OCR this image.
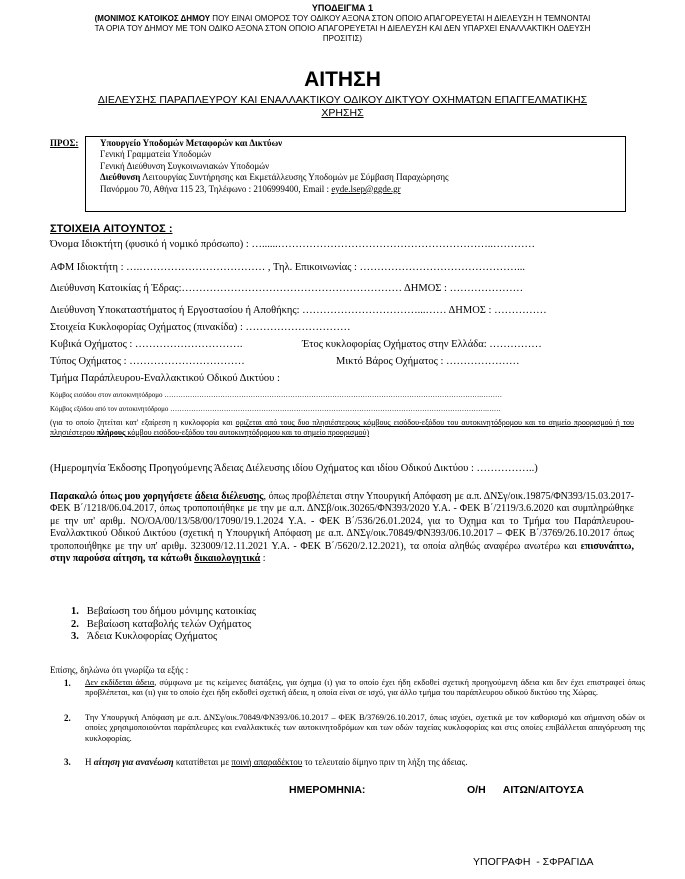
ΥΠΟΔΕΙΓΜΑ 1
(ΜΟΝΙΜΟΣ ΚΑΤΟΙΚΟΣ ΔΗΜΟΥ ΠΟΥ ΕΙΝΑΙ ΟΜΟΡΟΣ ΤΟΥ ΟΔΙΚΟΥ ΑΞΟΝΑ ΣΤΟΝ ΟΠΟΙΟ ΑΠΑΓΟΡΕΥΕΤΑΙ Η ΔΙΕΛΕΥΣΗ Η ΤΕΜΝΟΝΤΑΙ
ΤΑ ΟΡΙΑ ΤΟΥ ΔΗΜΟΥ ΜΕ ΤΟΝ ΟΔΙΚΟ ΑΞΟΝΑ ΣΤΟΝ ΟΠΟΙΟ ΑΠΑΓΟΡΕΥΕΤΑΙ Η ΔΙΕΛΕΥΣΗ ΚΑΙ ΔΕΝ ΥΠΑΡΧΕΙ ΕΝΑΛΛΑΚΤΙΚΗ ΟΔΕΥΣΗ
ΠΡΟΣΙΤΙΣ)
ΑΙΤΗΣΗ
ΔΙΕΛΕΥΣΗΣ ΠΑΡΑΠΛΕΥΡΟΥ ΚΑΙ ΕΝΑΛΛΑΚΤΙΚΟΥ ΟΔΙΚΟΥ ΔΙΚΤΥΟΥ ΟΧΗΜΑΤΩΝ ΕΠΑΓΓΕΛΜΑΤΙΚΗΣ
ΧΡΗΣΗΣ
ΠΡΟΣ: Υπουργείο Υποδομών Μεταφορών και Δικτύων
Γενική Γραμματεία Υποδομών
Γενική Διεύθυνση Συγκοινωνιακών Υποδομών
Διεύθυνση Λειτουργίας Συντήρησης και Εκμετάλλευσης Υποδομών με Σύμβαση Παραχώρησης
Πανόρμου 70, Αθήνα 115 23, Τηλέφωνο : 2106999400, Email : eyde.lsep@ggde.gr
ΣΤΟΙΧΕΙΑ ΑΙΤΟΥΝΤΟΣ :
Όνομα Ιδιοκτήτη (φυσικό ή νομικό πρόσωπο) : …......……………………………………………………..…………
ΑΦΜ Ιδιοκτήτη : ….……………………………… , Τηλ. Επικοινωνίας : ………………………………………...
Διεύθυνση Κατοικίας ή Έδρας:……………………………………………………… ΔΗΜΟΣ : …………………
Διεύθυνση Υποκαταστήματος ή Εργοστασίου ή Αποθήκης: ……………………………...…… ΔΗΜΟΣ : ……………
Στοιχεία Κυκλοφορίας Οχήματος (πινακίδα) : …………………………
Κυβικά Οχήματος : ………………………….	Έτος κυκλοφορίας Οχήματος στην Ελλάδα: ……………
Τύπος Οχήματος : ……………………………	Μικτό Βάρος Οχήματος : …………………
Τμήμα Παράπλευρου-Εναλλακτικού Οδικού Δικτύου :
Κόμβος εισόδου στον αυτοκινητόδρομο ……………………………………………………………………………………………………………………….………
Κόμβος εξόδου από τον αυτοκινητόδρομο ……………………………………………………………………………………………………………………….……
(για το οποίο ζητείται κατ' εξαίρεση η κυκλοφορία και οριζεται από τους δυο πλησιέστερους κόμβους εισόδου-εξόδου του αυτοκινητόδρομου και το σημείο προορισμού ή του πλησιέστερου πλήρους κόμβου εισόδου-εξόδου του αυτοκινητόδρομου και το σημείο προορισμού)
(Ημερομηνία Έκδοσης Προηγούμενης Άδειας Διέλευσης ιδίου Οχήματος και ιδίου Οδικού Δικτύου : ……………..)
Παρακαλώ όπως μου χορηγήσετε άδεια διέλευσης, όπως προβλέπεται στην Υπουργική Απόφαση με α.π. ΔΝΣγ/οικ.19875/ΦΝ393/15.03.2017-ΦΕΚ Β΄/1218/06.04.2017, όπως τροποποιήθηκε με την με α.π. ΔΝΣβ/οικ.30265/ΦΝ393/2020 Υ.Α. - ΦΕΚ Β΄/2119/3.6.2020 και συμπληρώθηκε με την υπ' αριθμ. ΝΟ/ΟΑ/00/13/58/00/17090/19.1.2024 Υ.Α. - ΦΕΚ Β΄/536/26.01.2024, για το Όχημα και το Τμήμα του Παράπλευρου-Εναλλακτικού Οδικού Δικτύου (σχετική η Υπουργική Απόφαση με α.π. ΔΝΣγ/οικ.70849/ΦΝ393/06.10.2017 – ΦΕΚ Β΄/3769/26.10.2017 όπως τροποποιήθηκε με την υπ' αριθμ. 323009/12.11.2021 Υ.Α. - ΦΕΚ Β΄/5620/2.12.2021), τα οποία αληθώς αναφέρω ανωτέρω και επισυνάπτω, στην παρούσα αίτηση, τα κάτωθι δικαιολογητικά :
1. Βεβαίωση του δήμου μόνιμης κατοικίας
2. Βεβαίωση καταβολής τελών Οχήματος
3. Άδεια Κυκλοφορίας Οχήματος
Επίσης, δηλώνω ότι γνωρίζω τα εξής :
1. Δεν εκδίδεται άδεια, σύμφωνα με τις κείμενες διατάξεις, για όχημα (ι) για το οποίο έχει ήδη εκδοθεί σχετική προηγούμενη άδεια και δεν έχει επιστραφεί όπως προβλέπεται, και (ιι) για το οποίο έχει ήδη εκδοθεί σχετική άδεια, η οποία είναι σε ισχύ, για άλλο τμήμα του παράπλευρου οδικού δικτύου της Χώρας.
2. Την Υπουργική Απόφαση με α.π. ΔΝΣγ/οικ.70849/ΦΝ393/06.10.2017 – ΦΕΚ Β/3769/26.10.2017, όπως ισχύει, σχετικά με τον καθορισμό και σήμανση οδών οι οποίες χρησιμοποιούνται παράπλευρες και εναλλακτικές των αυτοκινητοδρόμων και των οδών ταχείας κυκλοφορίας και στις οποίες επιβάλλεται απαγόρευση της κυκλοφορίας.
3. Η αίτηση για ανανέωση κατατίθεται με ποινή απαραδέκτου το τελευταίο δίμηνο πριν τη λήξη της άδειας.
ΗΜΕΡΟΜΗΝΙΑ:	Ο/Η      ΑΙΤΩΝ/ΑΙΤΟΥΣΑ
ΥΠΟΓΡΑΦΗ  - ΣΦΡΑΓΙΔΑ
